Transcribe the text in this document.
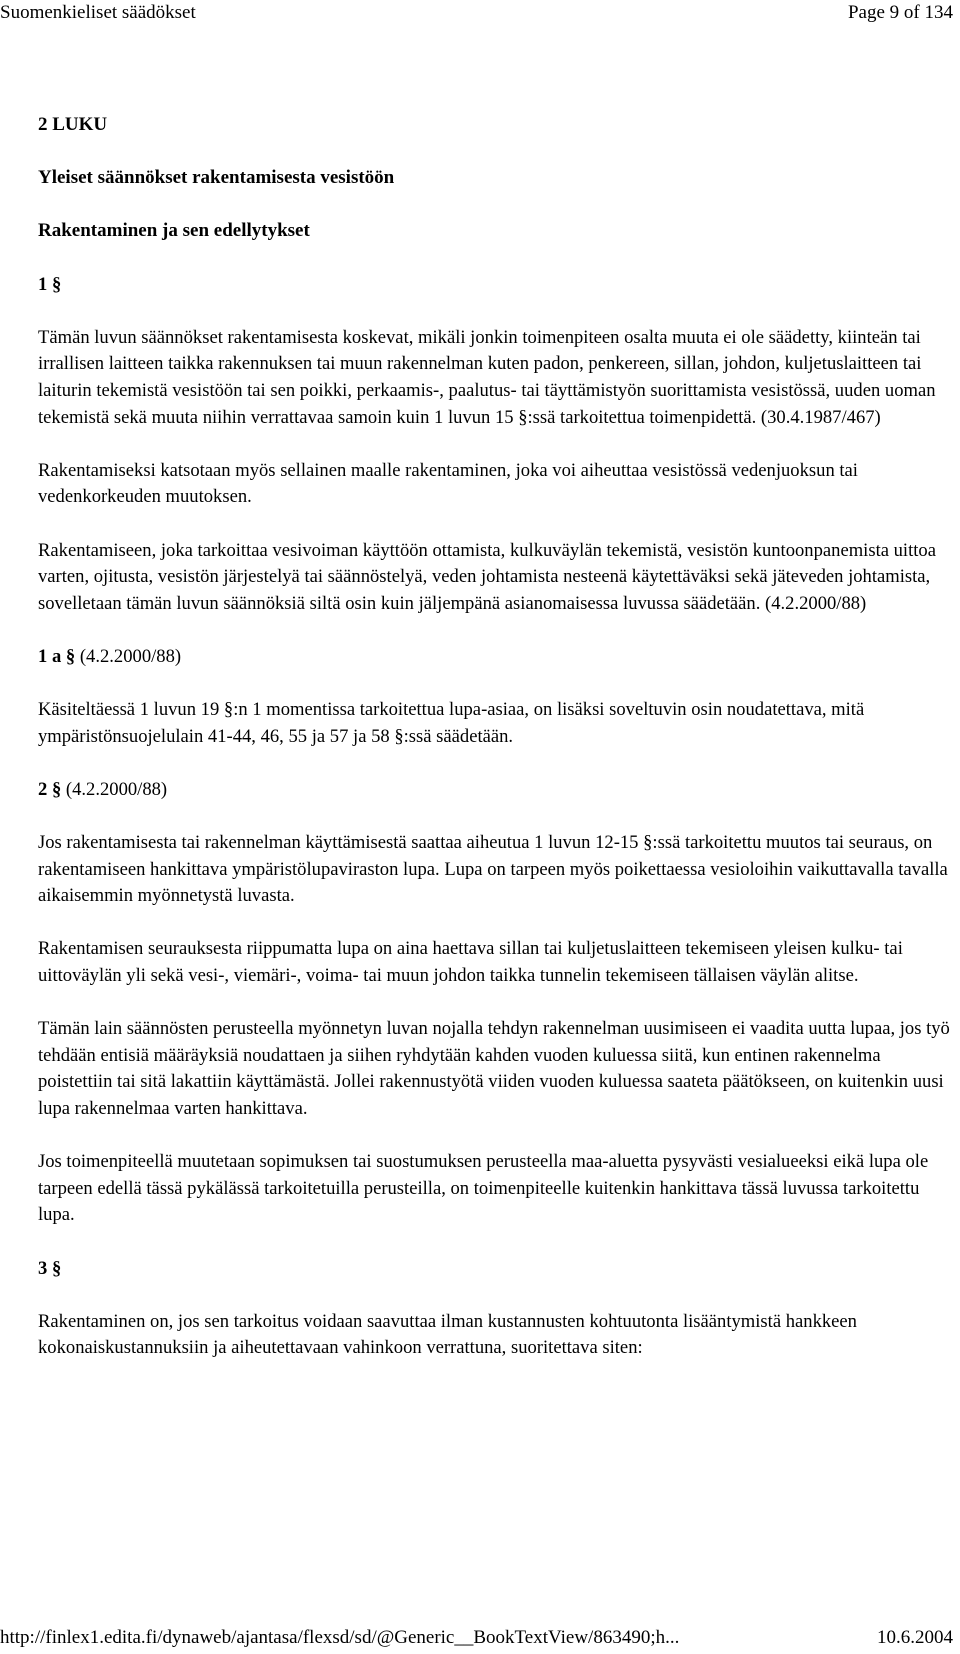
Suomenkieliset säädökset	Page 9 of 134
2 LUKU
Yleiset säännökset rakentamisesta vesistöön
Rakentaminen ja sen edellytykset
1 §

Tämän luvun säännökset rakentamisesta koskevat, mikäli jonkin toimenpiteen osalta muuta ei ole säädetty, kiinteän tai irrallisen laitteen taikka rakennuksen tai muun rakennelman kuten padon, penkereen, sillan, johdon, kuljetuslaitteen tai laiturin tekemistä vesistöön tai sen poikki, perkaamis-, paalutus- tai täyttämistyön suorittamista vesistössä, uuden uoman tekemistä sekä muuta niihin verrattavaa samoin kuin 1 luvun 15 §:ssä tarkoitettua toimenpidettä. (30.4.1987/467)

Rakentamiseksi katsotaan myös sellainen maalle rakentaminen, joka voi aiheuttaa vesistössä vedenjuoksun tai vedenkorkeuden muutoksen.

Rakentamiseen, joka tarkoittaa vesivoiman käyttöön ottamista, kulkuväylän tekemistä, vesistön kuntoonpanemista uittoa varten, ojitusta, vesistön järjestelyä tai säännöstelyä, veden johtamista nesteenä käytettäväksi sekä jäteveden johtamista, sovelletaan tämän luvun säännöksiä siltä osin kuin jäljempänä asianomaisessa luvussa säädetään. (4.2.2000/88)

1 a § (4.2.2000/88)

Käsiteltäessä 1 luvun 19 §:n 1 momentissa tarkoitettua lupa-asiaa, on lisäksi soveltuvin osin noudatettava, mitä ympäristönsuojelulain 41-44, 46, 55 ja 57 ja 58 §:ssä säädetään.

2 § (4.2.2000/88)

Jos rakentamisesta tai rakennelman käyttämisestä saattaa aiheutua 1 luvun 12-15 §:ssä tarkoitettu muutos tai seuraus, on rakentamiseen hankittava ympäristölupaviraston lupa. Lupa on tarpeen myös poikettaessa vesioloihin vaikuttavalla tavalla aikaisemmin myönnetystä luvasta.

Rakentamisen seurauksesta riippumatta lupa on aina haettava sillan tai kuljetuslaitteen tekemiseen yleisen kulku- tai uittoväylän yli sekä vesi-, viemäri-, voima- tai muun johdon taikka tunnelin tekemiseen tällaisen väylän alitse.

Tämän lain säännösten perusteella myönnetyn luvan nojalla tehdyn rakennelman uusimiseen ei vaadita uutta lupaa, jos työ tehdään entisiä määräyksiä noudattaen ja siihen ryhdytään kahden vuoden kuluessa siitä, kun entinen rakennelma poistettiin tai sitä lakattiin käyttämästä. Jollei rakennustyötä viiden vuoden kuluessa saateta päätökseen, on kuitenkin uusi lupa rakennelmaa varten hankittava.

Jos toimenpiteellä muutetaan sopimuksen tai suostumuksen perusteella maa-aluetta pysyvästi vesialueeksi eikä lupa ole tarpeen edellä tässä pykälässä tarkoitetuilla perusteilla, on toimenpiteelle kuitenkin hankittava tässä luvussa tarkoitettu lupa.

3 §

Rakentaminen on, jos sen tarkoitus voidaan saavuttaa ilman kustannusten kohtuutonta lisääntymistä hankkeen kokonaiskustannuksiin ja aiheutettavaan vahinkoon verrattuna, suoritettava siten:

http://finlex1.edita.fi/dynaweb/ajantasa/flexsd/sd/@Generic__BookTextView/863490;h...	10.6.2004
